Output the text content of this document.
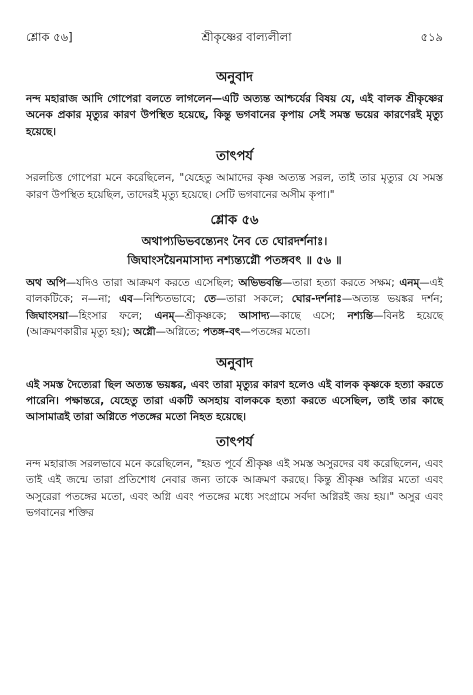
শ্লোক ৫৬]	শ্রীকৃষ্ণের বাল্যলীলা	৫১৯
অনুবাদ

নন্দ মহারাজ আদি গোপেরা বলতে লাগলেন—এটি অত্যন্ত আশ্চর্যের বিষয় যে, এই বালক শ্রীকৃষ্ণের অনেক প্রকার মৃত্যুর কারণ উপস্থিত হয়েছে, কিন্তু ভগবানের কৃপায় সেই সমস্ত ভয়ের কারণেরই মৃত্যু হয়েছে।

তাৎপর্য

সরলচিত্ত গোপেরা মনে করেছিলেন, "যেহেতু আমাদের কৃষ্ণ অত্যন্ত সরল, তাই তার মৃত্যুর যে সমস্ত কারণ উপস্থিত হয়েছিল, তাদেরই মৃত্যু হয়েছে। সেটি ভগবানের অসীম কৃপা।"

শ্লোক ৫৬
অথাপ্যভিভবন্ত্যেনং নৈব তে ঘোরদর্শনাঃ।
জিঘাংসয়ৈনমাসাদ্য নশ্যন্ত্যগ্নৌ পতঙ্গবৎ ॥ ৫৬ ॥

অথ অপি—যদিও তারা আক্রমণ করতে এসেছিল; অভিভবন্তি—তারা হত্যা করতে সক্ষম; এনম্—এই বালকটিকে; ন—না; এব—নিশ্চিতভাবে; তে—তারা সকলে; ঘোর-দর্শনাঃ—অত্যন্ত ভয়ঙ্কর দর্শন; জিঘাংসয়া—হিংসার ফলে; এনম্—শ্রীকৃষ্ণকে; আসাদ্য—কাছে এসে; নশ্যন্তি—বিনষ্ট হয়েছে (আক্রমণকারীর মৃত্যু হয়); অগ্নৌ—অগ্নিতে; পতঙ্গ-বৎ—পতঙ্গের মতো।

অনুবাদ

এই সমস্ত দৈত্যেরা ছিল অত্যন্ত ভয়ঙ্কর, এবং তারা মৃত্যুর কারণ হলেও এই বালক কৃষ্ণকে হত্যা করতে পারেনি। পক্ষান্তরে, যেহেতু তারা একটি অসহায় বালককে হত্যা করতে এসেছিল, তাই তার কাছে আসামাত্রই তারা অগ্নিতে পতঙ্গের মতো নিহত হয়েছে।

তাৎপর্য

নন্দ মহারাজ সরলভাবে মনে করেছিলেন, "হয়ত পূর্বে শ্রীকৃষ্ণ এই সমস্ত অসুরদের বধ করেছিলেন, এবং তাই এই জন্মে তারা প্রতিশোধ নেবার জন্য তাকে আক্রমণ করছে। কিন্তু শ্রীকৃষ্ণ অগ্নির মতো এবং অসুরেরা পতঙ্গের মতো, এবং অগ্নি এবং পতঙ্গের মধ্যে সংগ্রামে সর্বদা অগ্নিরই জয় হয়।" অসুর এবং ভগবানের শক্তির
